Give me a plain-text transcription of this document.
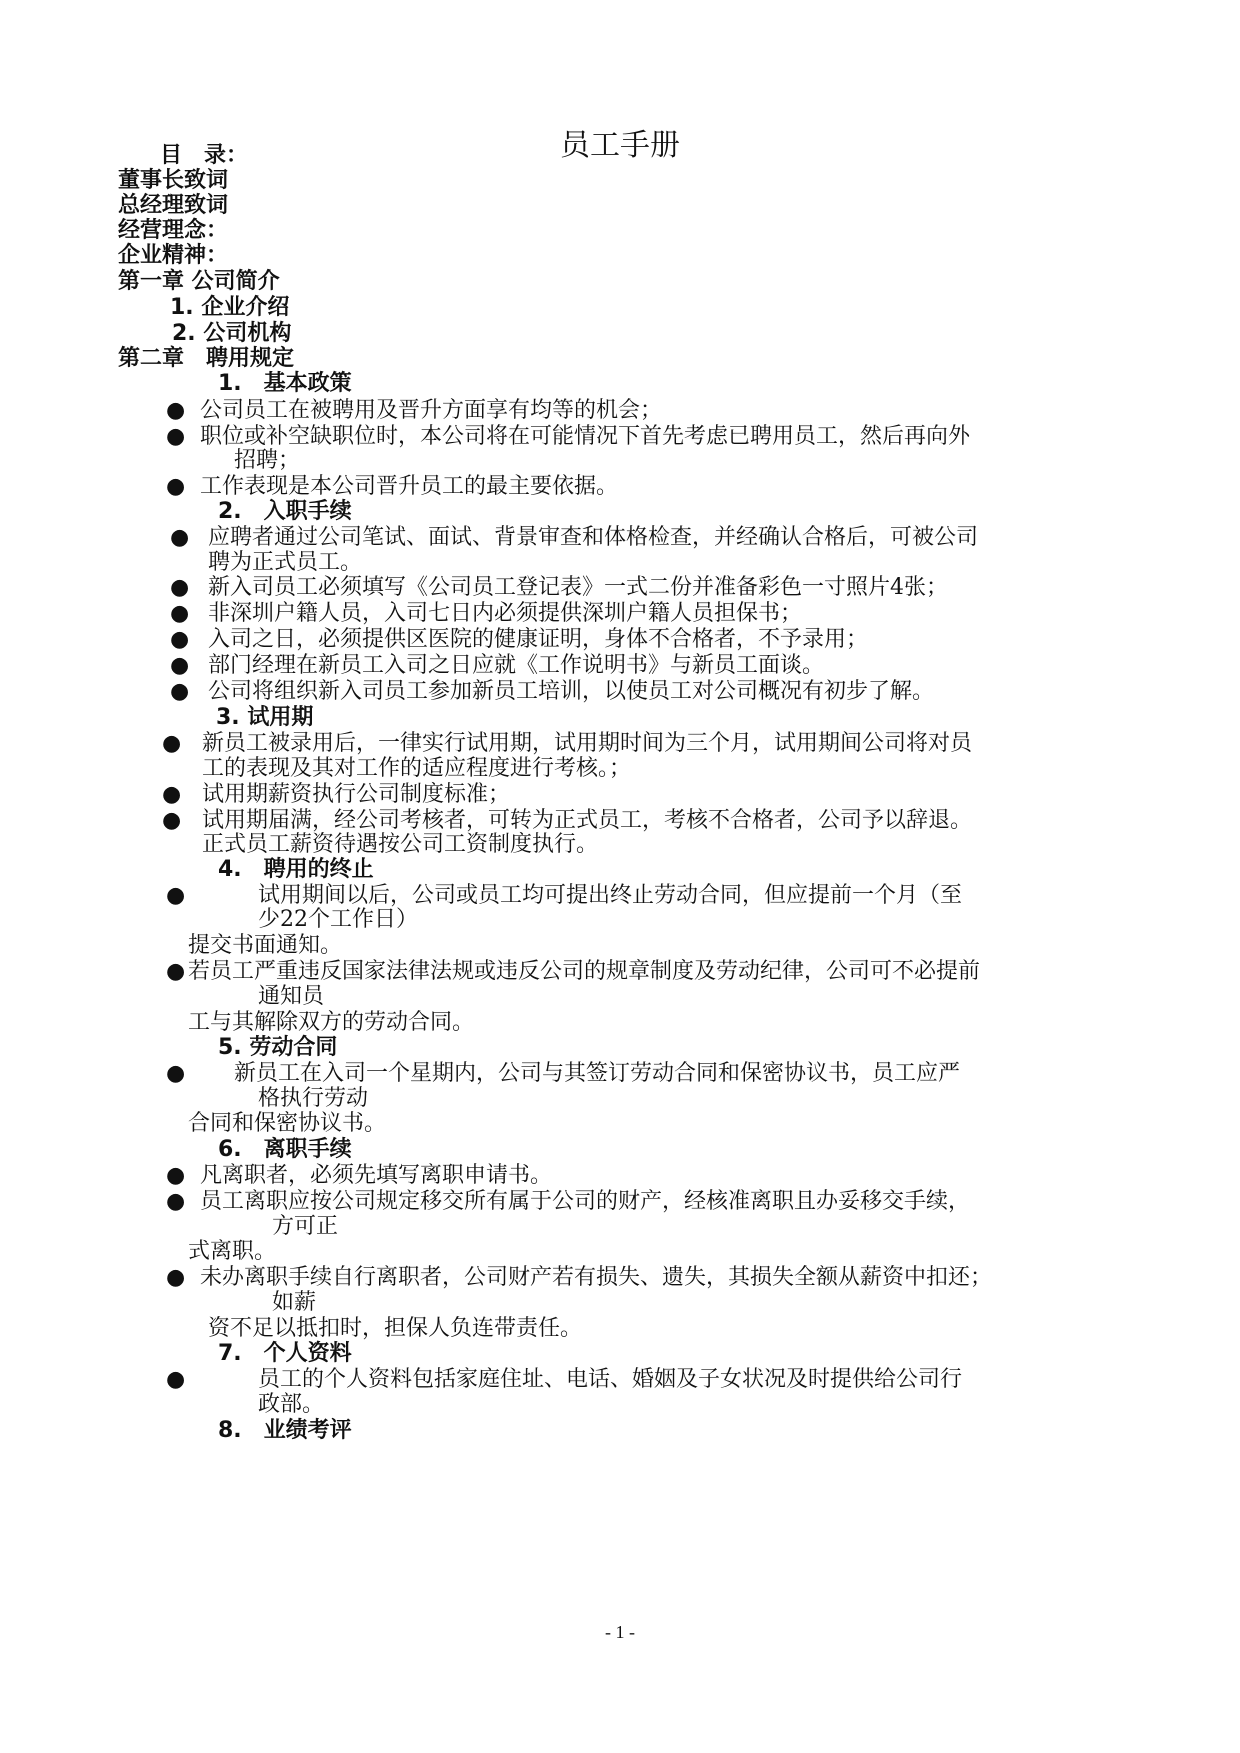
员工手册
目　录：
董事长致词
总经理致词
经营理念：
企业精神：
第一章 公司简介
1. 企业介绍
2. 公司机构
第二章　聘用规定
1.　基本政策
● 公司员工在被聘用及晋升方面享有均等的机会；
● 职位或补空缺职位时，本公司将在可能情况下首先考虑已聘用员工，然后再向外
招聘；
● 工作表现是本公司晋升员工的最主要依据。
2.　入职手续
● 应聘者通过公司笔试、面试、背景审查和体格检查，并经确认合格后，可被公司
聘为正式员工。
● 新入司员工必须填写《公司员工登记表》一式二份并准备彩色一寸照片4张；
● 非深圳户籍人员，入司七日内必须提供深圳户籍人员担保书；
● 入司之日，必须提供区医院的健康证明，身体不合格者，不予录用；
● 部门经理在新员工入司之日应就《工作说明书》与新员工面谈。
● 公司将组织新入司员工参加新员工培训，以使员工对公司概况有初步了解。
3. 试用期
● 新员工被录用后，一律实行试用期，试用期时间为三个月，试用期间公司将对员
工的表现及其对工作的适应程度进行考核。；
● 试用期薪资执行公司制度标准；
● 试用期届满，经公司考核者，可转为正式员工，考核不合格者，公司予以辞退。
正式员工薪资待遇按公司工资制度执行。
4.　聘用的终止
●	试用期间以后，公司或员工均可提出终止劳动合同，但应提前一个月（至
少22个工作日）
提交书面通知。
● 若员工严重违反国家法律法规或违反公司的规章制度及劳动纪律，公司可不必提前
通知员
工与其解除双方的劳动合同。
5. 劳动合同
● 新员工在入司一个星期内，公司与其签订劳动合同和保密协议书，员工应严
格执行劳动
合同和保密协议书。
6.　离职手续
● 凡离职者，必须先填写离职申请书。
● 员工离职应按公司规定移交所有属于公司的财产，经核准离职且办妥移交手续，
方可正
式离职。
● 未办离职手续自行离职者，公司财产若有损失、遗失，其损失全额从薪资中扣还；
如薪
资不足以抵扣时，担保人负连带责任。
7.　个人资料
●	员工的个人资料包括家庭住址、电话、婚姻及子女状况及时提供给公司行
政部。
8.　业绩考评
- 1 -
